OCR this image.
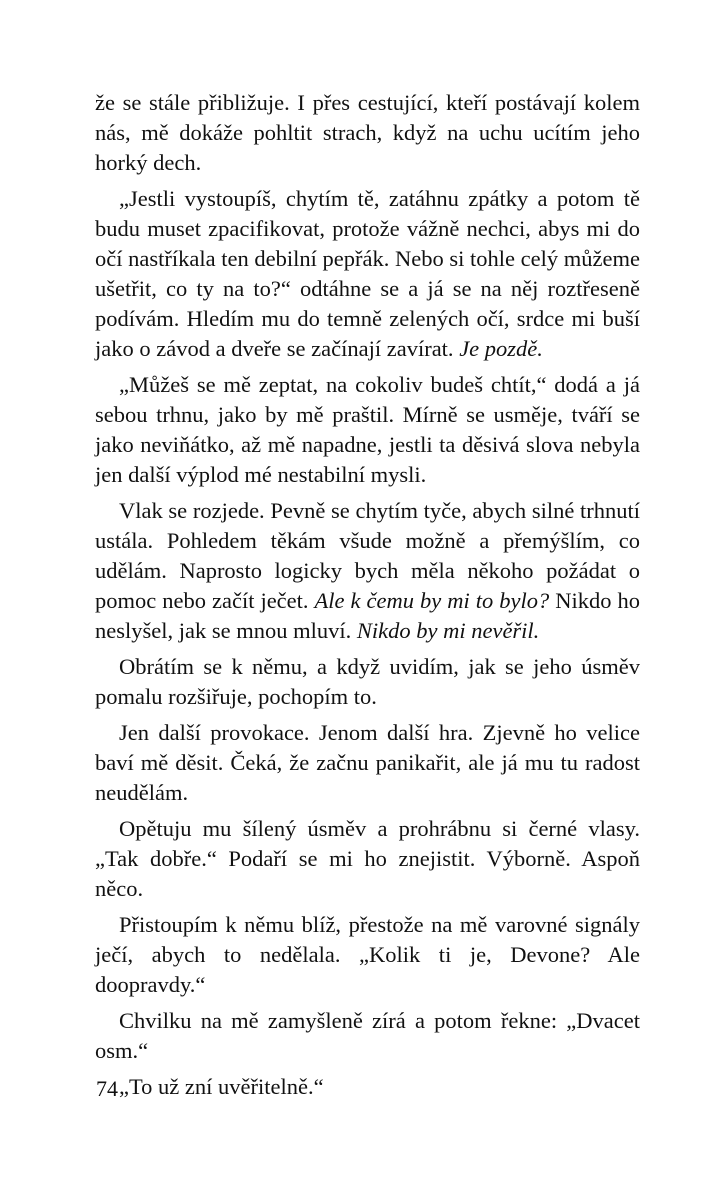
že se stále přibližuje. I přes cestující, kteří postávají kolem nás, mě dokáže pohltit strach, když na uchu ucítím jeho horký dech.

„Jestli vystoupíš, chytím tě, zatáhnu zpátky a potom tě budu muset zpacifikovat, protože vážně nechci, abys mi do očí nastříkala ten debilní pepřák. Nebo si tohle celý můžeme ušetřit, co ty na to?“ odtáhne se a já se na něj roztřeseně podívám. Hledím mu do temně zelených očí, srdce mi buší jako o závod a dveře se začínají zavírat. Je pozdě.

„Můžeš se mě zeptat, na cokoliv budeš chtít,“ dodá a já sebou trhnu, jako by mě praštil. Mírně se usměje, tváří se jako neviňátko, až mě napadne, jestli ta děsivá slova nebyla jen další výplod mé nestabilní mysli.

Vlak se rozjede. Pevně se chytím tyče, abych silné trhnutí ustála. Pohledem těkám všude možně a přemýšlím, co udělám. Naprosto logicky bych měla někoho požádat o pomoc nebo začít ječet. Ale k čemu by mi to bylo? Nikdo ho neslyšel, jak se mnou mluví. Nikdo by mi nevěřil.

Obrátím se k němu, a když uvidím, jak se jeho úsměv pomalu rozšiřuje, pochopím to.

Jen další provokace. Jenom další hra. Zjevně ho velice baví mě děsit. Čeká, že začnu panikařit, ale já mu tu radost neudělám.

Opětuju mu šílený úsměv a prohrábnu si černé vlasy. „Tak dobře.“ Podaří se mi ho znejistit. Výborně. Aspoň něco.

Přistoupím k němu blíž, přestože na mě varovné signály ječí, abych to nedělala. „Kolik ti je, Devone? Ale doopravdy.“

Chvilku na mě zamyšleně zírá a potom řekne: „Dvacet osm.“

„To už zní uvěřitelně.“

74
